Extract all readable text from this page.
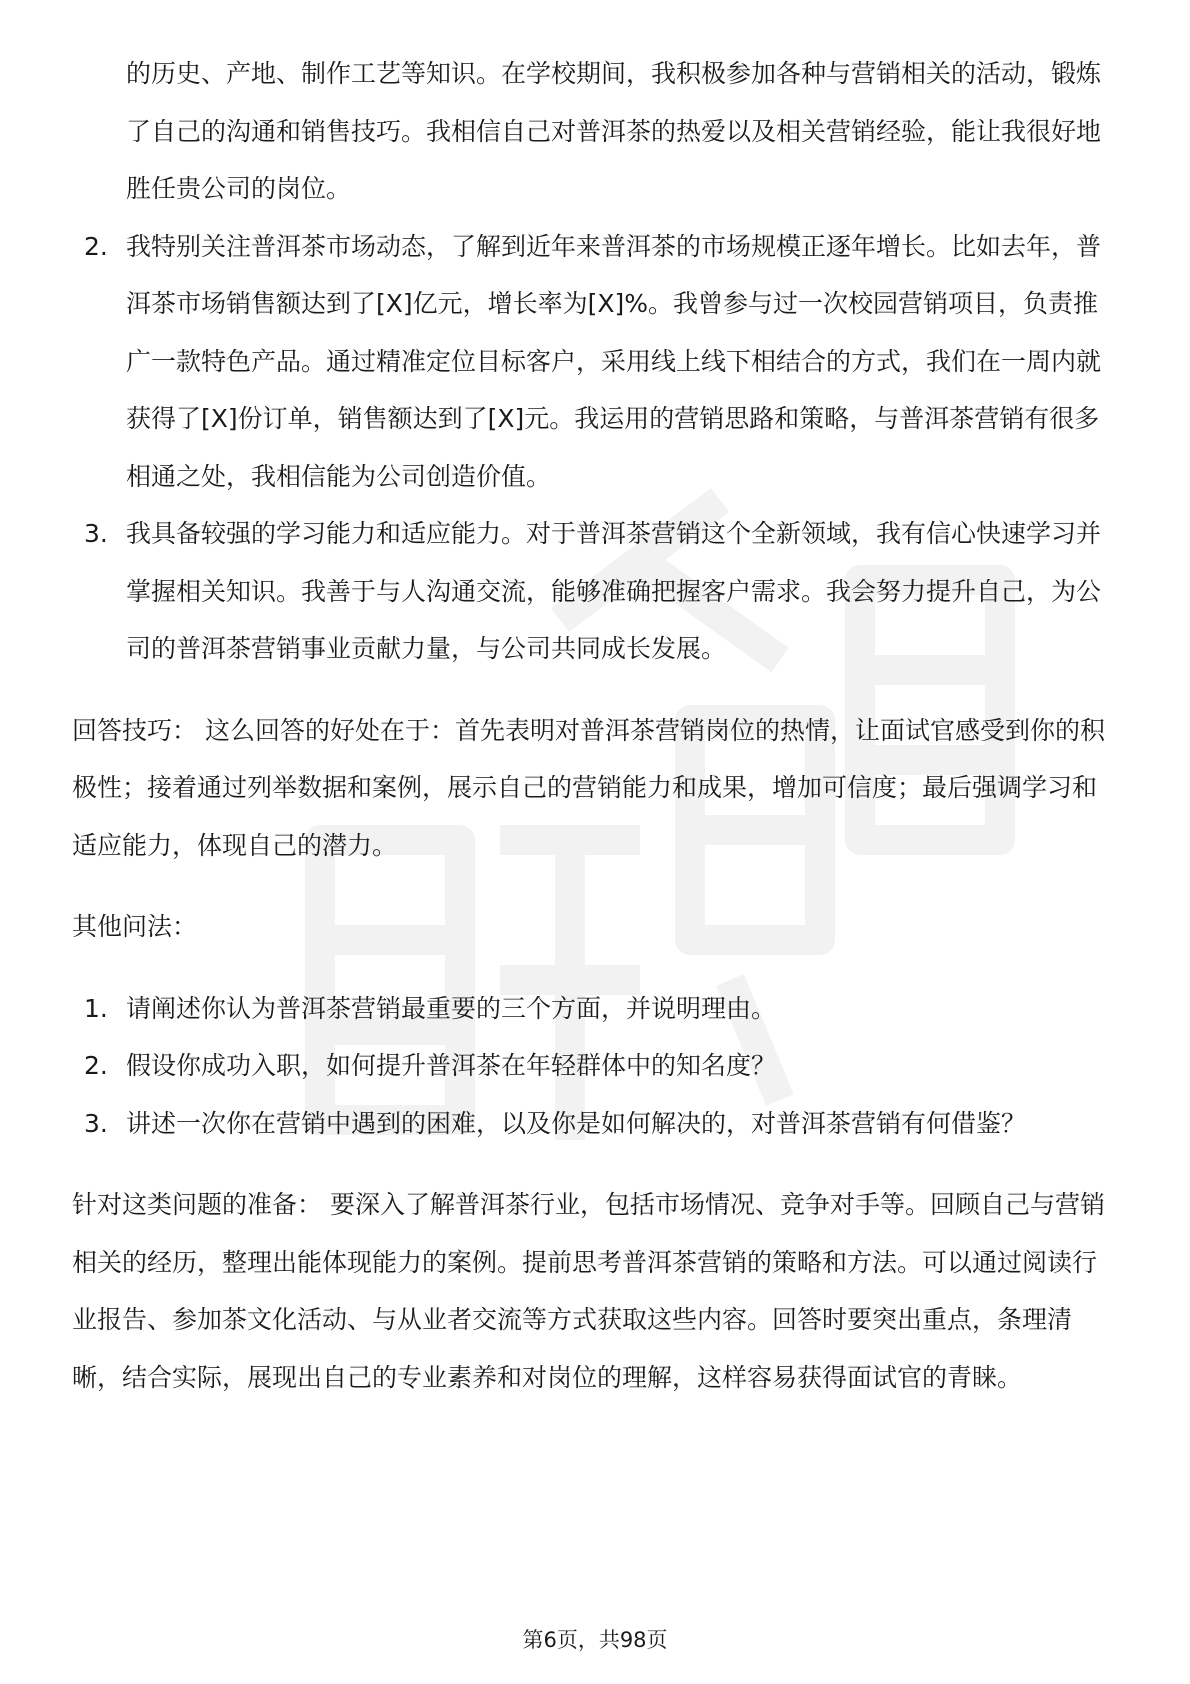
的历史、产地、制作工艺等知识。在学校期间，我积极参加各种与营销相关的活动，锻炼了自己的沟通和销售技巧。我相信自己对普洱茶的热爱以及相关营销经验，能让我很好地胜任贵公司的岗位。
2. 我特别关注普洱茶市场动态，了解到近年来普洱茶的市场规模正逐年增长。比如去年，普洱茶市场销售额达到了[X]亿元，增长率为[X]%。我曾参与过一次校园营销项目，负责推广一款特色产品。通过精准定位目标客户，采用线上线下相结合的方式，我们在一周内就获得了[X]份订单，销售额达到了[X]元。我运用的营销思路和策略，与普洱茶营销有很多相通之处，我相信能为公司创造价值。
3. 我具备较强的学习能力和适应能力。对于普洱茶营销这个全新领域，我有信心快速学习并掌握相关知识。我善于与人沟通交流，能够准确把握客户需求。我会努力提升自己，为公司的普洱茶营销事业贡献力量，与公司共同成长发展。

回答技巧： 这么回答的好处在于：首先表明对普洱茶营销岗位的热情，让面试官感受到你的积极性；接着通过列举数据和案例，展示自己的营销能力和成果，增加可信度；最后强调学习和适应能力，体现自己的潜力。

其他问法：

1. 请阐述你认为普洱茶营销最重要的三个方面，并说明理由。
2. 假设你成功入职，如何提升普洱茶在年轻群体中的知名度？
3. 讲述一次你在营销中遇到的困难，以及你是如何解决的，对普洱茶营销有何借鉴？

针对这类问题的准备： 要深入了解普洱茶行业，包括市场情况、竞争对手等。回顾自己与营销相关的经历，整理出能体现能力的案例。提前思考普洱茶营销的策略和方法。可以通过阅读行业报告、参加茶文化活动、与从业者交流等方式获取这些内容。回答时要突出重点，条理清晰，结合实际，展现出自己的专业素养和对岗位的理解，这样容易获得面试官的青睐。

第6页，共98页
